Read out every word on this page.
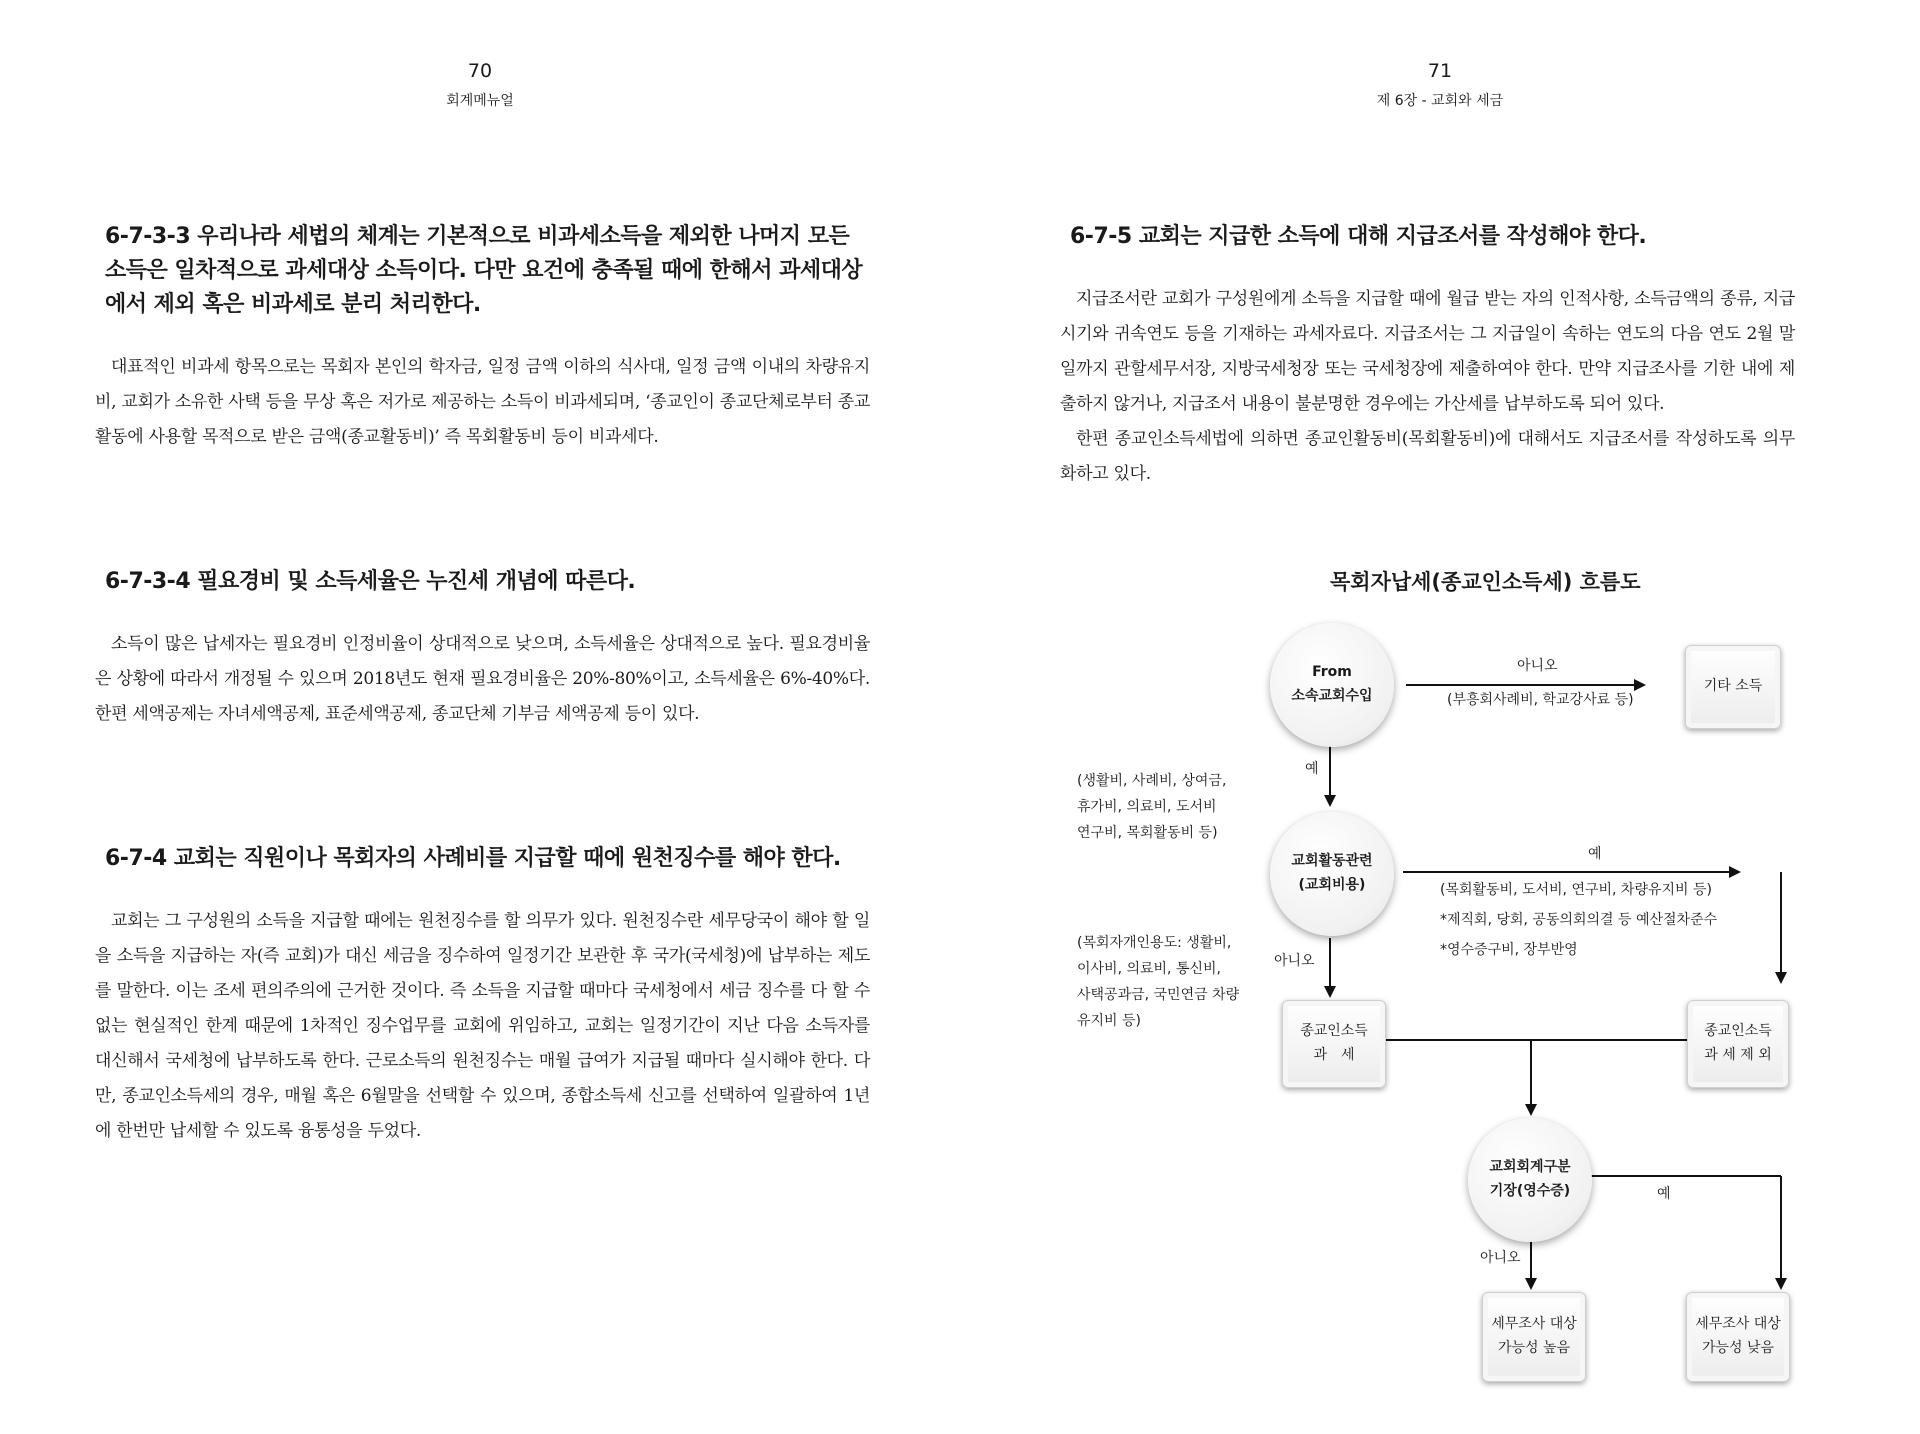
70
회계메뉴얼
6-7-3-3 우리나라 세법의 체계는 기본적으로 비과세소득을 제외한 나머지 모든 소득은 일차적으로 과세대상 소득이다. 다만 요건에 충족될 때에 한해서 과세대상에서 제외 혹은 비과세로 분리 처리한다.

대표적인 비과세 항목으로는 목회자 본인의 학자금, 일정 금액 이하의 식사대, 일정 금액 이내의 차량유지비, 교회가 소유한 사택 등을 무상 혹은 저가로 제공하는 소득이 비과세되며, ‘종교인이 종교단체로부터 종교활동에 사용할 목적으로 받은 금액(종교활동비)’ 즉 목회활동비 등이 비과세다.

6-7-3-4 필요경비 및 소득세율은 누진세 개념에 따른다.

소득이 많은 납세자는 필요경비 인정비율이 상대적으로 낮으며, 소득세율은 상대적으로 높다. 필요경비율은 상황에 따라서 개정될 수 있으며 2018년도 현재 필요경비율은 20%-80%이고, 소득세율은 6%-40%다. 한편 세액공제는 자녀세액공제, 표준세액공제, 종교단체 기부금 세액공제 등이 있다.

6-7-4 교회는 직원이나 목회자의 사례비를 지급할 때에 원천징수를 해야 한다.

교회는 그 구성원의 소득을 지급할 때에는 원천징수를 할 의무가 있다. 원천징수란 세무당국이 해야 할 일을 소득을 지급하는 자(즉 교회)가 대신 세금을 징수하여 일정기간 보관한 후 국가(국세청)에 납부하는 제도를 말한다. 이는 조세 편의주의에 근거한 것이다. 즉 소득을 지급할 때마다 국세청에서 세금 징수를 다 할 수 없는 현실적인 한계 때문에 1차적인 징수업무를 교회에 위임하고, 교회는 일정기간이 지난 다음 소득자를 대신해서 국세청에 납부하도록 한다. 근로소득의 원천징수는 매월 급여가 지급될 때마다 실시해야 한다. 다만, 종교인소득세의 경우, 매월 혹은 6월말을 선택할 수 있으며, 종합소득세 신고를 선택하여 일괄하여 1년에 한번만 납세할 수 있도록 융통성을 두었다.

71
제 6장 - 교회와 세금
6-7-5 교회는 지급한 소득에 대해 지급조서를 작성해야 한다.

지급조서란 교회가 구성원에게 소득을 지급할 때에 월급 받는 자의 인적사항, 소득금액의 종류, 지급시기와 귀속연도 등을 기재하는 과세자료다. 지급조서는 그 지급일이 속하는 연도의 다음 연도 2월 말일까지 관할세무서장, 지방국세청장 또는 국세청장에 제출하여야 한다. 만약 지급조사를 기한 내에 제출하지 않거나, 지급조서 내용이 불분명한 경우에는 가산세를 납부하도록 되어 있다.

한편 종교인소득세법에 의하면 종교인활동비(목회활동비)에 대해서도 지급조서를 작성하도록 의무화하고 있다.

목회자납세(종교인소득세) 흐름도
From
소속교회수입
기타 소득
교회활동관련
(교회비용)
종교인소득
과　세
종교인소득
과 세 제 외
교회회계구분
기장(영수증)
세무조사 대상
가능성 높음
세무조사 대상
가능성 낮음
아니오
(부흥회사례비, 학교강사료 등)
예
예
(목회활동비, 도서비, 연구비, 차량유지비 등)
*제직회, 당회, 공동의회의결 등 예산절차준수
*영수증구비, 장부반영
아니오
예
아니오
(생활비, 사례비, 상여금,
휴가비, 의료비, 도서비
연구비, 목회활동비 등)
(목회자개인용도: 생활비,
이사비, 의료비, 통신비,
사택공과금, 국민연금 차량
유지비 등)
